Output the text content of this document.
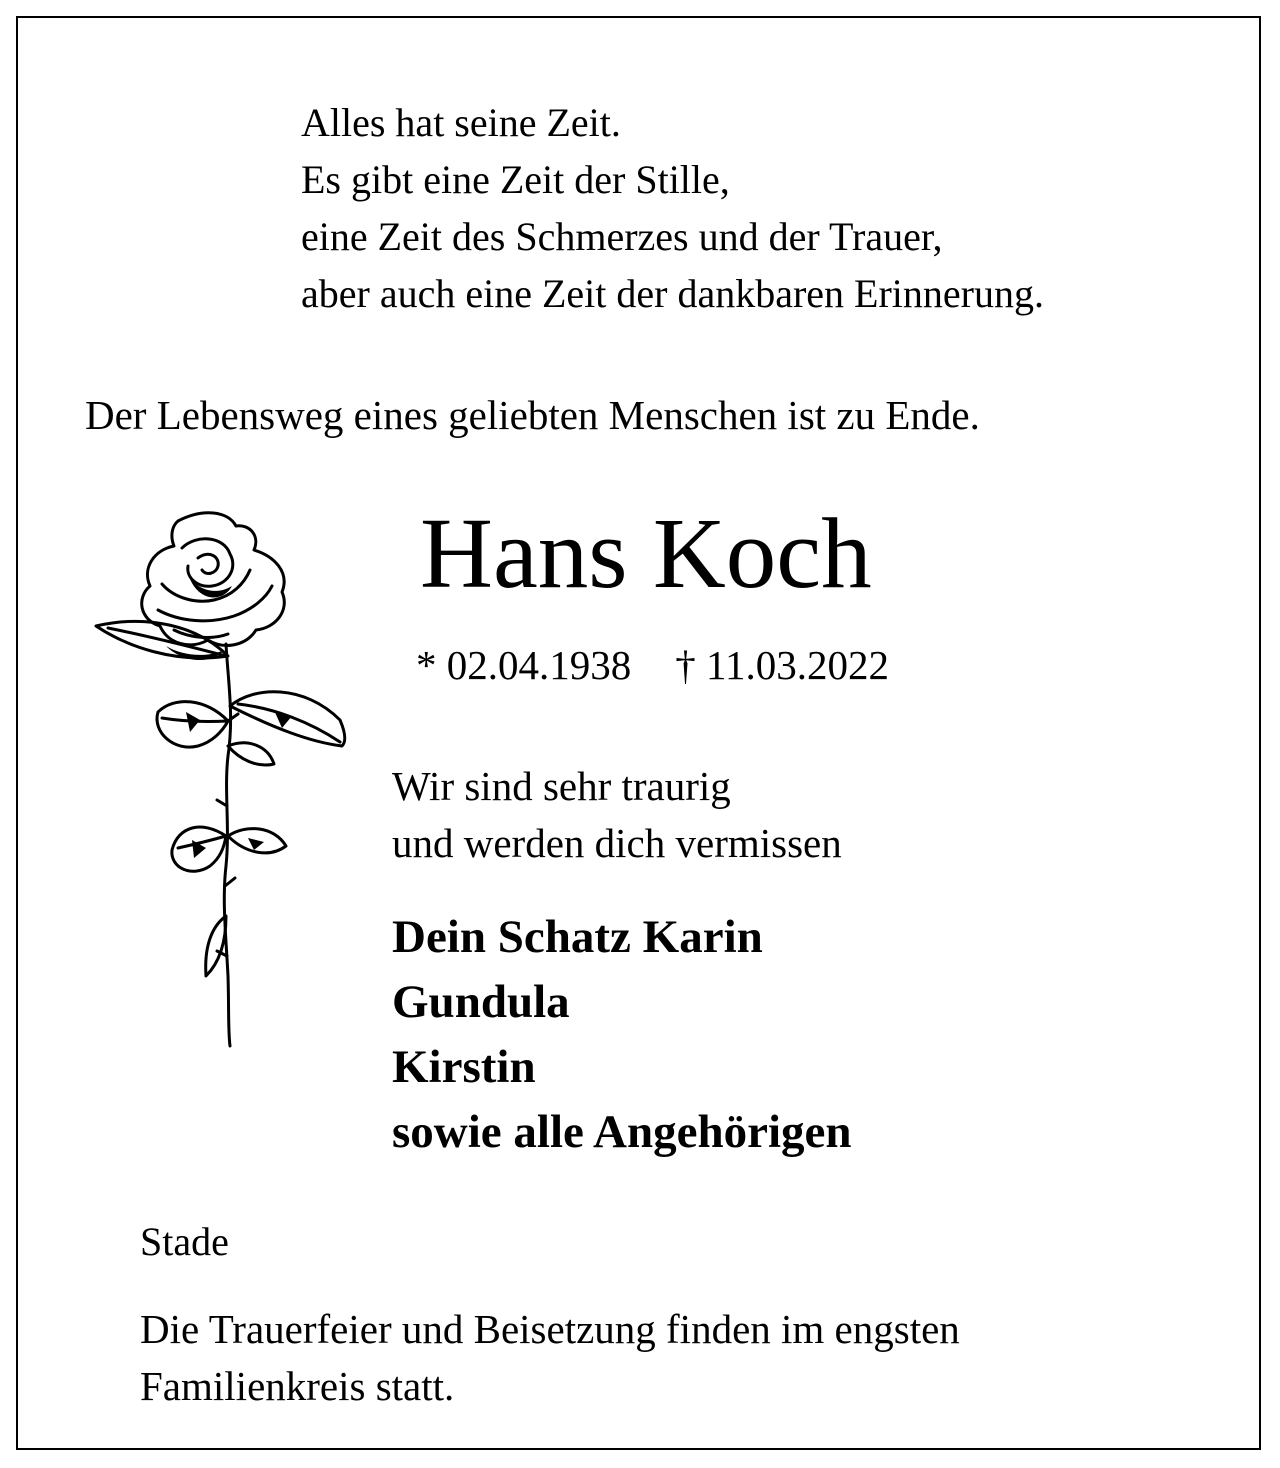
Alles hat seine Zeit.
Es gibt eine Zeit der Stille,
eine Zeit des Schmerzes und der Trauer,
aber auch eine Zeit der dankbaren Erinnerung.
Der Lebensweg eines geliebten Menschen ist zu Ende.
Hans Koch
* 02.04.1938 † 11.03.2022
Wir sind sehr traurig
und werden dich vermissen
Dein Schatz Karin
Gundula
Kirstin
sowie alle Angehörigen
Stade
Die Trauerfeier und Beisetzung finden im engsten
Familienkreis statt.
